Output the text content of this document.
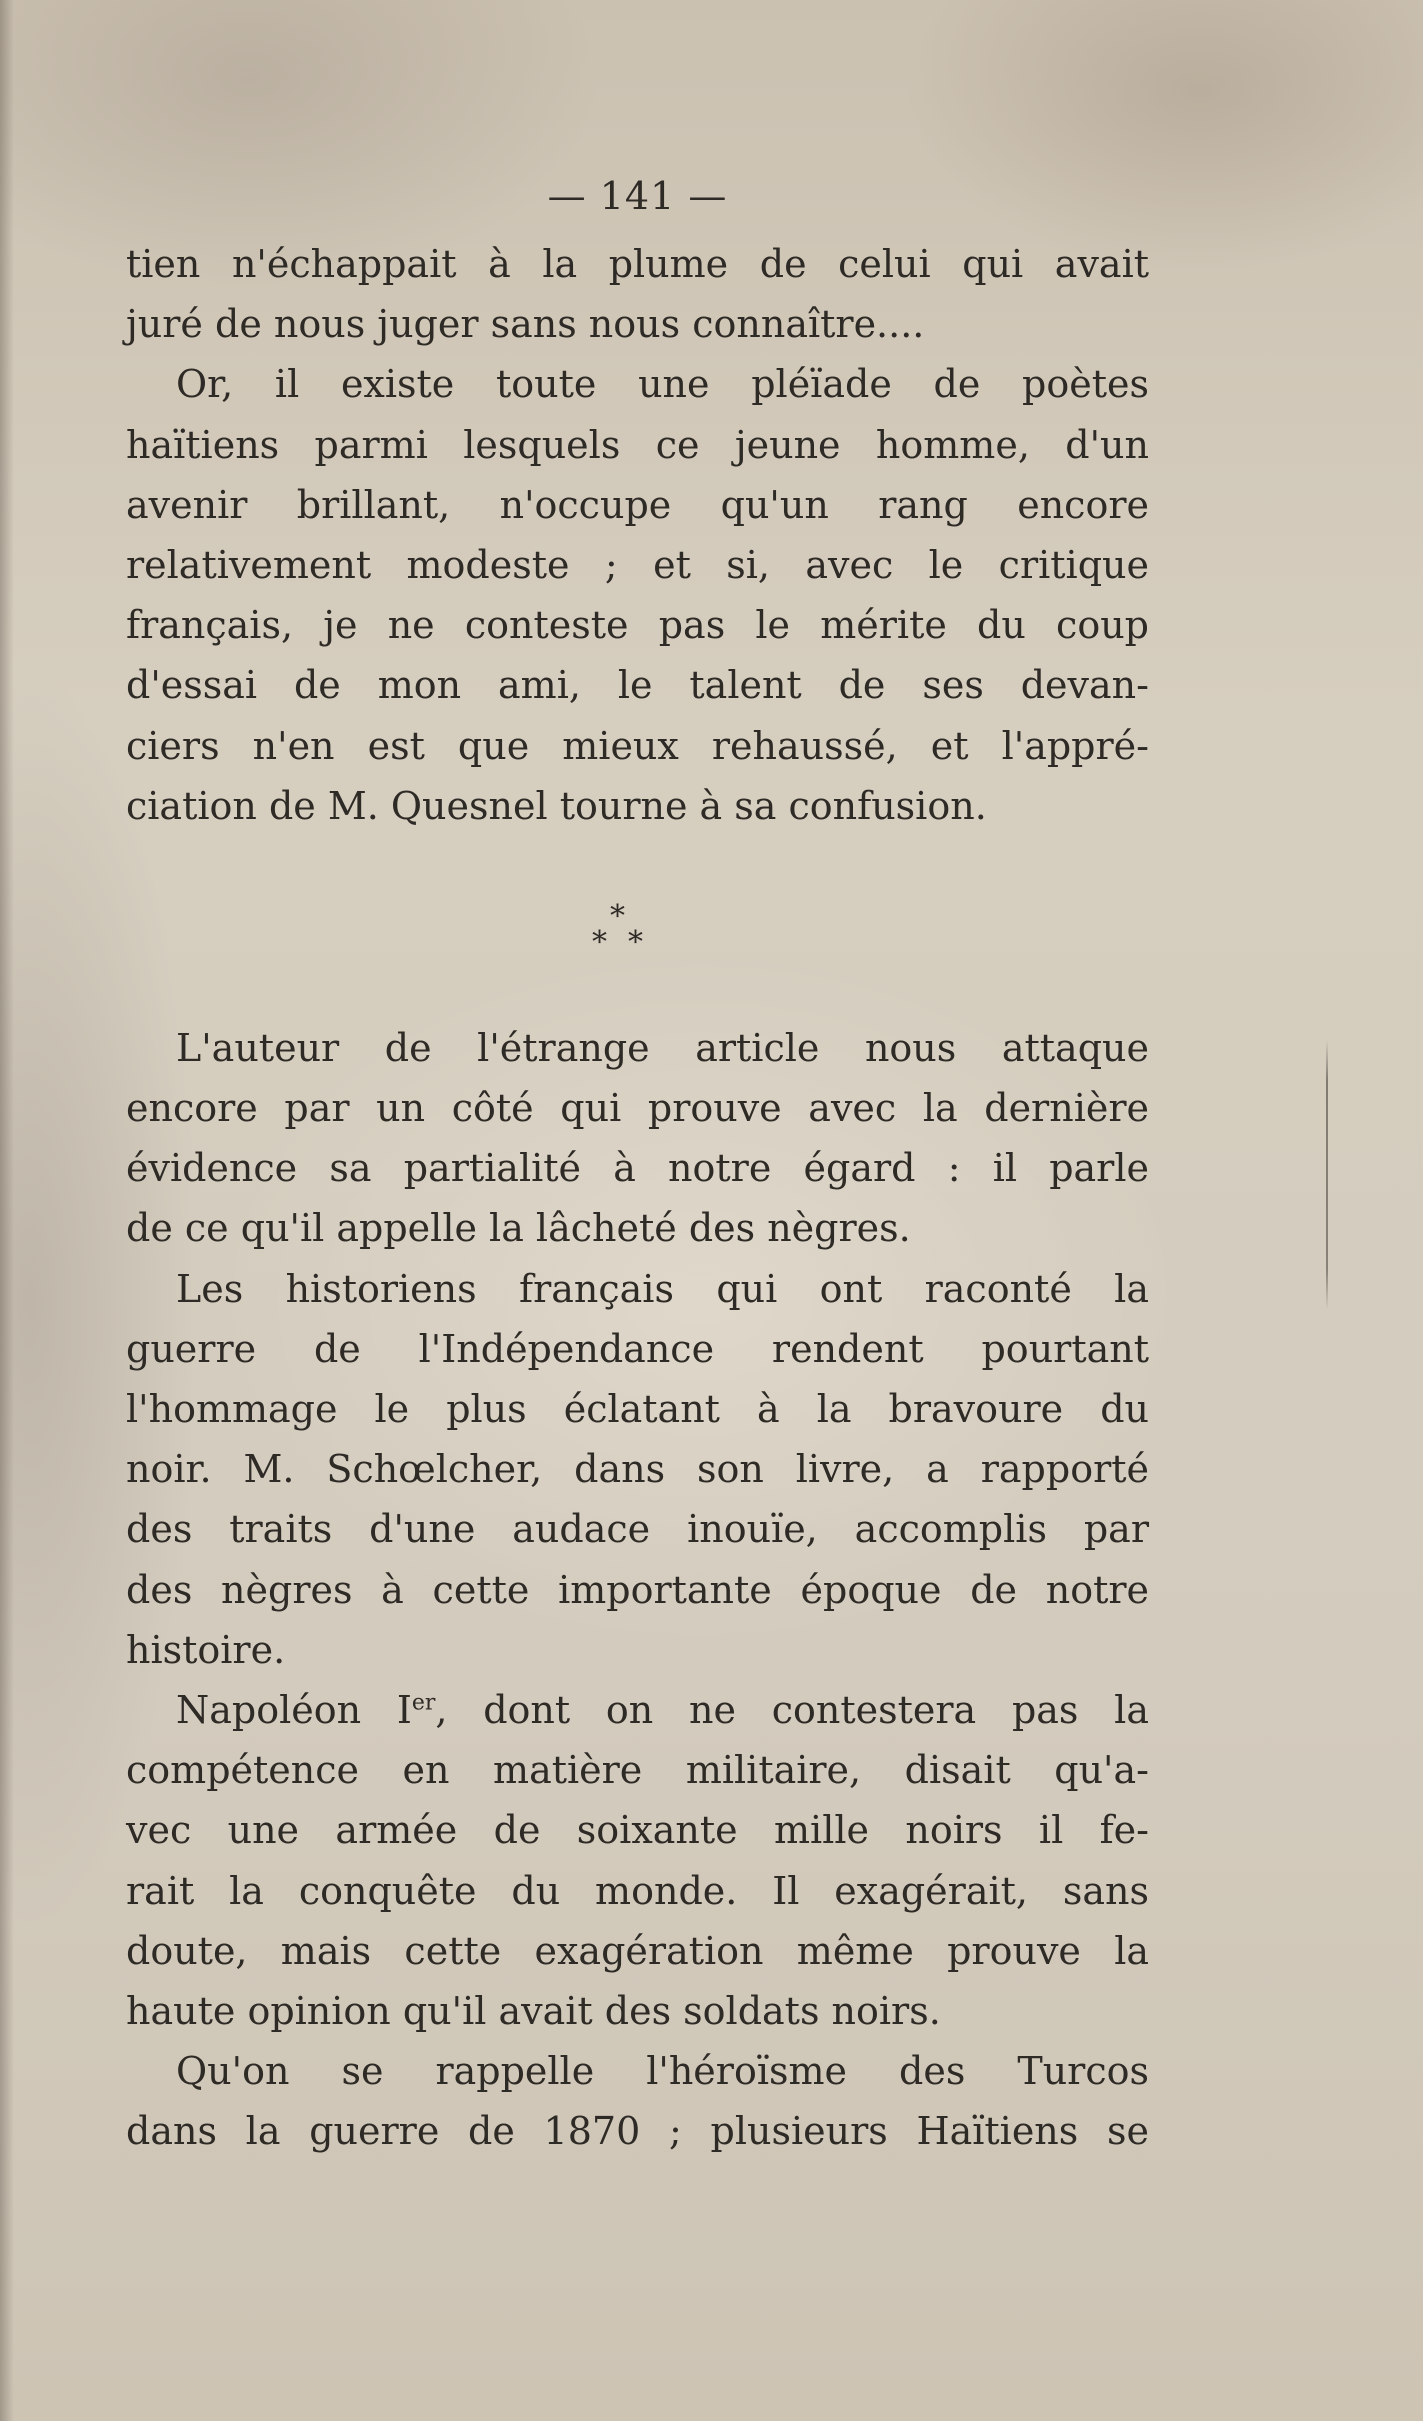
— 141 —
tien n'échappait à la plume de celui qui avait
juré de nous juger sans nous connaître....
Or, il existe toute une pléïade de poètes
haïtiens parmi lesquels ce jeune homme, d'un
avenir brillant, n'occupe qu'un rang encore
relativement modeste ; et si, avec le critique
français, je ne conteste pas le mérite du coup
d'essai de mon ami, le talent de ses devan-
ciers n'en est que mieux rehaussé, et l'appré-
ciation de M. Quesnel tourne à sa confusion.
*
* *
L'auteur de l'étrange article nous attaque
encore par un côté qui prouve avec la dernière
évidence sa partialité à notre égard : il parle
de ce qu'il appelle la lâcheté des nègres.
Les historiens français qui ont raconté la
guerre de l'Indépendance rendent pourtant
l'hommage le plus éclatant à la bravoure du
noir. M. Schœlcher, dans son livre, a rapporté
des traits d'une audace inouïe, accomplis par
des nègres à cette importante époque de notre
histoire.
Napoléon Ier, dont on ne contestera pas la
compétence en matière militaire, disait qu'a-
vec une armée de soixante mille noirs il fe-
rait la conquête du monde. Il exagérait, sans
doute, mais cette exagération même prouve la
haute opinion qu'il avait des soldats noirs.
Qu'on se rappelle l'héroïsme des Turcos
dans la guerre de 1870 ; plusieurs Haïtiens se
